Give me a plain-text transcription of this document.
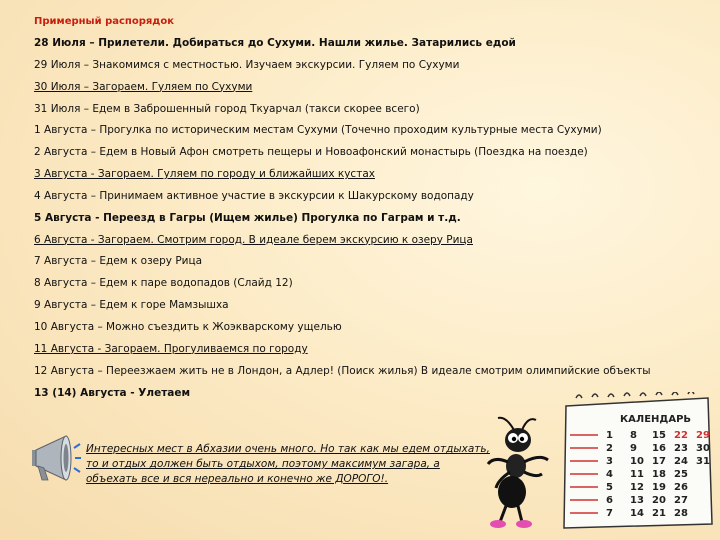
Примерный распорядок
28 Июля – Прилетели. Добираться до Сухуми. Нашли жилье. Затарились едой
29 Июля – Знакомимся с местностью. Изучаем экскурсии. Гуляем по Сухуми
30 Июля – Загораем. Гуляем по Сухуми
31 Июля – Едем в Заброшенный город Ткуарчал (такси скорее всего)
1 Августа – Прогулка по историческим местам Сухуми (Точечно проходим культурные места Сухуми)
2 Августа – Едем в Новый Афон смотреть пещеры и Новоафонский монастырь (Поездка на поезде)
3 Августа - Загораем. Гуляем по городу и ближайших кустах
4 Августа – Принимаем активное участие в экскурсии к Шакурскому водопаду
5 Августа - Переезд в Гагры (Ищем жилье) Прогулка по Гаграм и т.д.
6 Августа - Загораем. Смотрим город. В идеале берем экскурсию к озеру Рица
7 Августа – Едем к озеру Рица
8 Августа – Едем к паре водопадов (Слайд 12)
9 Августа – Едем к горе Мамзышха
10 Августа – Можно съездить к Жоэкварскому ущелью
11 Августа - Загораем. Прогуливаемся по городу
12 Августа – Переезжаем жить не в Лондон, а Адлер! (Поиск жилья) В идеале смотрим олимпийские объекты
13 (14) Августа - Улетаем
Интересных мест в Абхазии очень много. Но так как мы едем отдыхать,
то и отдых должен быть отдыхом, поэтому максимум загара, а
объехать все и вся нереально и конечно же ДОРОГО!.
КАЛЕНДАРЬ
1 8 15 22 29
2 9 16 23 30
3 10 17 24 31
4 11 18 25
5 12 19 26
6 13 20 27
7 14 21 28
